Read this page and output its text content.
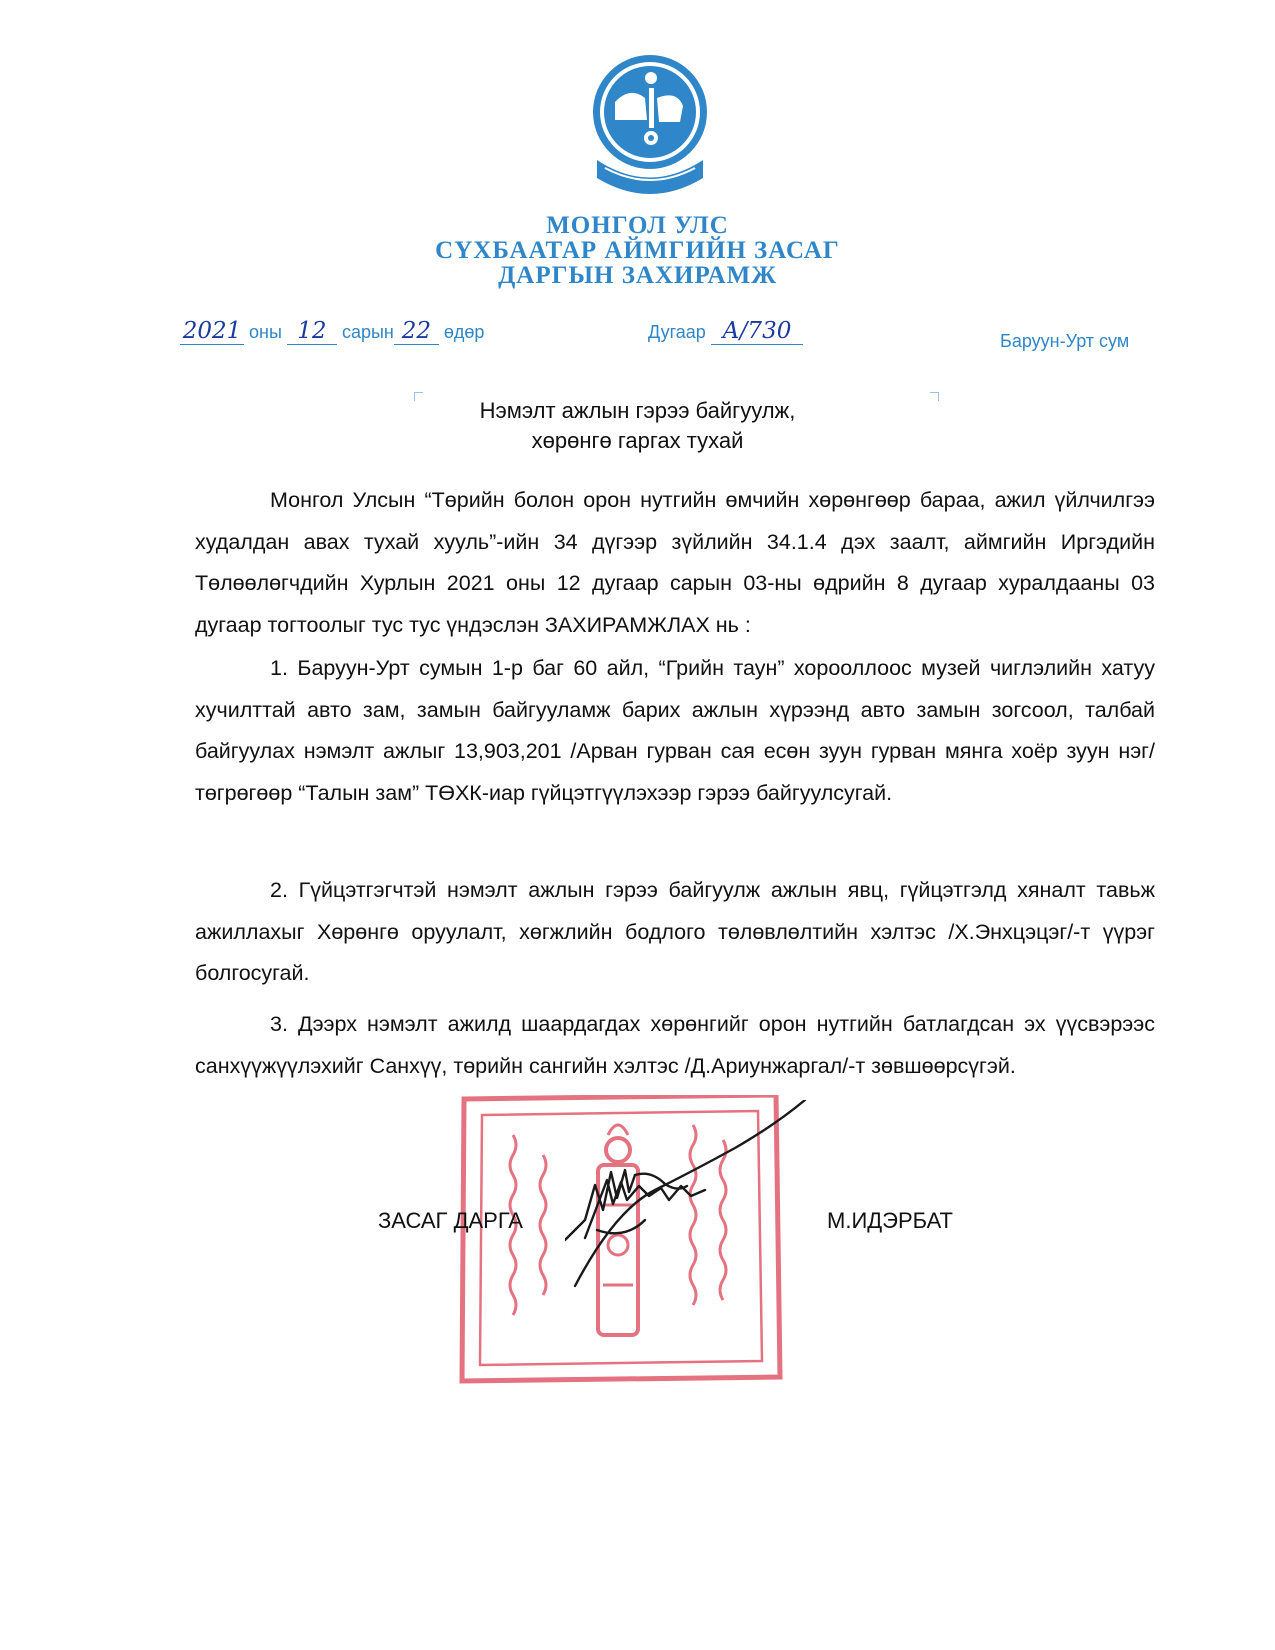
МОНГОЛ УЛС
СҮХБААТАР АЙМГИЙН ЗАСАГ
ДАРГЫН ЗАХИРАМЖ
2021 оны 12 сарын 22 өдөр	Дугаар А/730	Баруун-Урт сум
Нэмэлт ажлын гэрээ байгуулж,
хөрөнгө гаргах тухай

Монгол Улсын “Төрийн болон орон нутгийн өмчийн хөрөнгөөр бараа, ажил үйлчилгээ худалдан авах тухай хууль”-ийн 34 дүгээр зүйлийн 34.1.4 дэх заалт, аймгийн Иргэдийн Төлөөлөгчдийн Хурлын 2021 оны 12 дугаар сарын 03-ны өдрийн 8 дугаар хуралдааны 03 дугаар тогтоолыг тус тус үндэслэн ЗАХИРАМЖЛАХ нь :

1. Баруун-Урт сумын 1-р баг 60 айл, “Грийн таун” хорооллоос музей чиглэлийн хатуу хучилттай авто зам, замын байгууламж барих ажлын хүрээнд авто замын зогсоол, талбай байгуулах нэмэлт ажлыг 13,903,201 /Арван гурван сая есөн зуун гурван мянга хоёр зуун нэг/ төгрөгөөр “Талын зам” ТӨХК-иар гүйцэтгүүлэхээр гэрээ байгуулсугай.

2. Гүйцэтгэгчтэй нэмэлт ажлын гэрээ байгуулж ажлын явц, гүйцэтгэлд хяналт тавьж ажиллахыг Хөрөнгө оруулалт, хөгжлийн бодлого төлөвлөлтийн хэлтэс /Х.Энхцэцэг/-т үүрэг болгосугай.

3. Дээрх нэмэлт ажилд шаардагдах хөрөнгийг орон нутгийн батлагдсан эх үүсвэрээс санхүүжүүлэхийг Санхүү, төрийн сангийн хэлтэс /Д.Ариунжаргал/-т зөвшөөрсүгэй.

ЗАСАГ ДАРГА	М.ИДЭРБАТ
